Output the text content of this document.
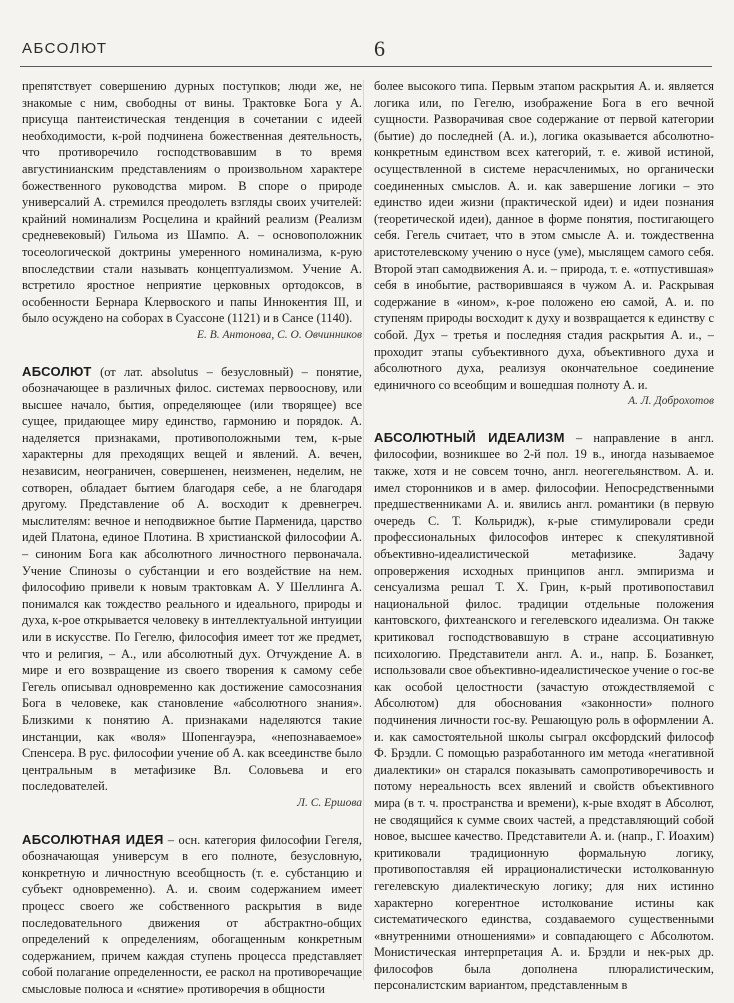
АБСОЛЮТ	6

препятствует совершению дурных поступков; люди же, не знакомые с ним, свободны от вины. Трактовке Бога у А. присуща пантеистическая тенденция в сочетании с идеей необходимости, к-рой подчинена божественная деятельность, что противоречило господствовавшим в то время августинианским представлениям о произвольном характере божественного руководства миром. В споре о природе универсалий А. стремился преодолеть взгляды своих учителей: крайний номинализм Росцелина и крайний реализм (Реализм средневековый) Гильома из Шампо. А. – основоположник тосеологической доктрины умеренного номинализма, к-рую впоследствии стали называть концептуализмом. Учение А. встретило яростное неприятие церковных ортодоксов, в особенности Бернара Клервоского и папы Иннокентия III, и было осуждено на соборах в Суассоне (1121) и в Сансе (1140).

Е. В. Антонова, С. О. Овчинников

АБСОЛЮТ (от лат. absolutus – безусловный) – понятие, обозначающее в различных филос. системах первооснову, или высшее начало, бытия, определяющее (или творящее) все сущее, придающее миру единство, гармонию и порядок. А. наделяется признаками, противоположными тем, к-рые характерны для преходящих вещей и явлений. А. вечен, независим, неограничен, совершенен, неизменен, неделим, не сотворен, обладает бытием благодаря себе, а не благодаря другому. Представление об А. восходит к древнегреч. мыслителям: вечное и неподвижное бытие Парменида, царство идей Платона, единое Плотина. В христианской философии А. – синоним Бога как абсолютного личностного первоначала. Учение Спинозы о субстанции и его воздействие на нем. философию привели к новым трактовкам А. У Шеллинга А. понимался как тождество реального и идеального, природы и духа, к-рое открывается человеку в интеллектуальной интуиции или в искусстве. По Гегелю, философия имеет тот же предмет, что и религия, – А., или абсолютный дух. Отчуждение А. в мире и его возвращение из своего творения к самому себе Гегель описывал одновременно как достижение самосознания Бога в человеке, как становление «абсолютного знания». Близкими к понятию А. признаками наделяются такие инстанции, как «воля» Шопенгауэра, «непознаваемое» Спенсера. В рус. философии учение об А. как всеединстве было центральным в метафизике Вл. Соловьева и его последователей.

Л. С. Ершова

АБСОЛЮТНАЯ ИДЕЯ – осн. категория философии Гегеля, обозначающая универсум в его полноте, безусловную, конкретную и личностную всеобщность (т. е. субстанцию и субъект одновременно). А. и. своим содержанием имеет процесс своего же собственного раскрытия в виде последовательного движения от абстрактно-общих определений к определениям, обогащенным конкретным содержанием, причем каждая ступень процесса представляет собой полагание определенности, ее раскол на противоречащие смысловые полюса и «снятие» противоречия в общности

более высокого типа. Первым этапом раскрытия А. и. является логика или, по Гегелю, изображение Бога в его вечной сущности. Разворачивая свое содержание от первой категории (бытие) до последней (А. и.), логика оказывается абсолютно-конкретным единством всех категорий, т. е. живой истиной, осуществленной в системе нерасчленимых, но органически соединенных смыслов. А. и. как завершение логики – это единство идеи жизни (практической идеи) и идеи познания (теоретической идеи), данное в форме понятия, постигающего себя. Гегель считает, что в этом смысле А. и. тождественна аристотелевскому учению о нусе (уме), мыслящем самого себя. Второй этап самодвижения А. и. – природа, т. е. «отпустившая» себя в инобытие, растворившаяся в чужом А. и. Раскрывая содержание в «ином», к-рое положено ею самой, А. и. по ступеням природы восходит к духу и возвращается к единству с собой. Дух – третья и последняя стадия раскрытия А. и., – проходит этапы субъективного духа, объективного духа и абсолютного духа, реализуя окончательное соединение единичного со всеобщим и вошедшая полноту А. и.

А. Л. Доброхотов

АБСОЛЮТНЫЙ ИДЕАЛИЗМ – направление в англ. философии, возникшее во 2-й пол. 19 в., иногда называемое также, хотя и не совсем точно, англ. неогегельянством. А. и. имел сторонников и в амер. философии. Непосредственными предшественниками А. и. явились англ. романтики (в первую очередь С. Т. Кольридж), к-рые стимулировали среди профессиональных философов интерес к спекулятивной объективно-идеалистической метафизике. Задачу опровержения исходных принципов англ. эмпиризма и сенсуализма решал Т. Х. Грин, к-рый противопоставил национальной филос. традиции отдельные положения кантовского, фихтеанского и гегелевского идеализма. Он также критиковал господствовавшую в стране ассоциативную психологию. Представители англ. А. и., напр. Б. Бозанкет, использовали свое объективно-идеалистическое учение о гос-ве как особой целостности (зачастую отождествляемой с Абсолютом) для обоснования «законности» полного подчинения личности гос-ву. Решающую роль в оформлении А. и. как самостоятельной школы сыграл оксфордский философ Ф. Брэдли. С помощью разработанного им метода «негативной диалектики» он старался показывать самопротиворечивость и потому нереальность всех явлений и свойств объективного мира (в т. ч. пространства и времени), к-рые входят в Абсолют, не сводящийся к сумме своих частей, а представляющий собой новое, высшее качество. Представители А. и. (напр., Г. Иоахим) критиковали традиционную формальную логику, противопоставляя ей иррационалистически истолкованную гегелевскую диалектическую логику; для них истинно характерно когерентное истолкование истины как систематического единства, создаваемого существенными «внутренними отношениями» и совпадающего с Абсолютом. Монистическая интерпретация А. и. Брэдли и нек-рых др. философов была дополнена плюралистическим, персоналистским вариантом, представленным в
